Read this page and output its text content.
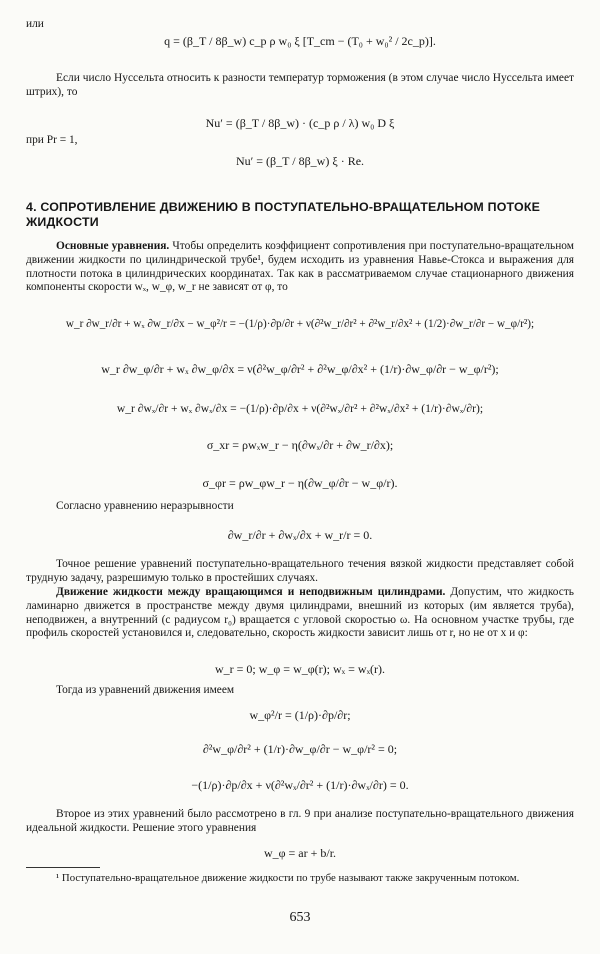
или
q = (β_T / 8β_w) c_p ρ w₀ ξ [T_cm − (T₀ + w₀² / 2c_p)].
Если число Нуссельта относить к разности температур торможения (в этом случае число Нуссельта имеет штрих), то
Nu′ = (β_T / 8β_w) · (c_p ρ / λ) w₀ D ξ
при Pr = 1,
Nu′ = (β_T / 8β_w) ξ · Re.
4. СОПРОТИВЛЕНИЕ ДВИЖЕНИЮ В ПОСТУПАТЕЛЬНО-ВРАЩАТЕЛЬНОМ ПОТОКЕ ЖИДКОСТИ
Основные уравнения. Чтобы определить коэффициент сопротивления при поступательно-вращательном движении жидкости по цилиндрической трубе¹, будем исходить из уравнения Навье-Стокса и выражения для плотности потока в цилиндрических координатах. Так как в рассматриваемом случае стационарного движения компоненты скорости wₓ, w_φ, w_r не зависят от φ, то
w_r ∂w_r/∂r + wₓ ∂w_r/∂x − w_φ²/r = −(1/ρ)·∂p/∂r + ν(∂²w_r/∂r² + ∂²w_r/∂x² + (1/2)·∂w_r/∂r − w_φ/r²);
w_r ∂w_φ/∂r + wₓ ∂w_φ/∂x = ν(∂²w_φ/∂r² + ∂²w_φ/∂x² + (1/r)·∂w_φ/∂r − w_φ/r²);
w_r ∂wₓ/∂r + wₓ ∂wₓ/∂x = −(1/ρ)·∂p/∂x + ν(∂²wₓ/∂r² + ∂²wₓ/∂x² + (1/r)·∂wₓ/∂r);
σ_xr = ρwₓw_r − η(∂wₓ/∂r + ∂w_r/∂x);
σ_φr = ρw_φw_r − η(∂w_φ/∂r − w_φ/r).
Согласно уравнению неразрывности
∂w_r/∂r + ∂wₓ/∂x + w_r/r = 0.
Точное решение уравнений поступательно-вращательного течения вязкой жидкости представляет собой трудную задачу, разрешимую только в простейших случаях.
Движение жидкости между вращающимся и неподвижным цилиндрами. Допустим, что жидкость ламинарно движется в пространстве между двумя цилиндрами, внешний из которых (им является труба), неподвижен, а внутренний (с радиусом r₀) вращается с угловой скоростью ω. На основном участке трубы, где профиль скоростей установился и, следовательно, скорость жидкости зависит лишь от r, но не от x и φ:
w_r = 0; w_φ = w_φ(r); wₓ = wₓ(r).
Тогда из уравнений движения имеем
w_φ²/r = (1/ρ)·∂p/∂r;
∂²w_φ/∂r² + (1/r)·∂w_φ/∂r − w_φ/r² = 0;
−(1/ρ)·∂p/∂x + ν(∂²wₓ/∂r² + (1/r)·∂wₓ/∂r) = 0.
Второе из этих уравнений было рассмотрено в гл. 9 при анализе поступательно-вращательного движения идеальной жидкости. Решение этого уравнения
w_φ = ar + b/r.
¹ Поступательно-вращательное движение жидкости по трубе называют также закрученным потоком.
653
